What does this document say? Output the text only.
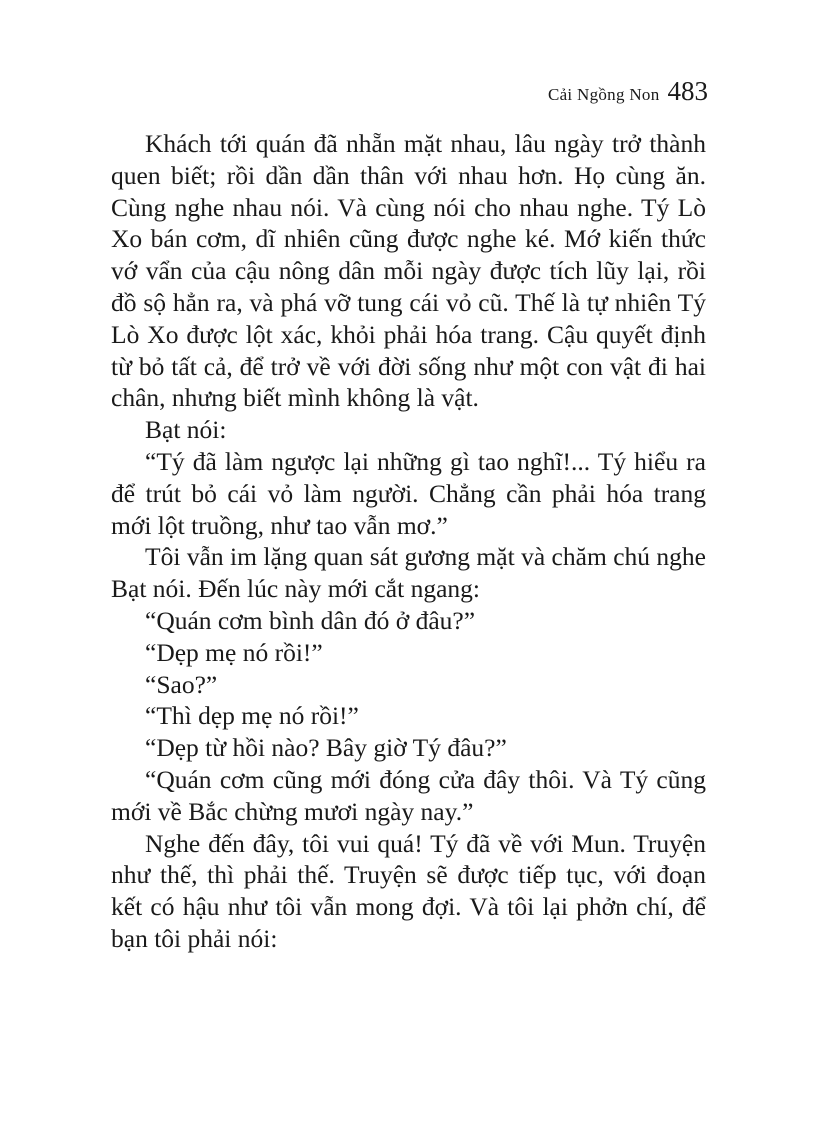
Cải Ngồng Non 483

Khách tới quán đã nhẵn mặt nhau, lâu ngày trở thành quen biết; rồi dần dần thân với nhau hơn. Họ cùng ăn. Cùng nghe nhau nói. Và cùng nói cho nhau nghe. Tý Lò Xo bán cơm, dĩ nhiên cũng được nghe ké. Mớ kiến thức vớ vẩn của cậu nông dân mỗi ngày được tích lũy lại, rồi đồ sộ hẳn ra, và phá vỡ tung cái vỏ cũ. Thế là tự nhiên Tý Lò Xo được lột xác, khỏi phải hóa trang. Cậu quyết định từ bỏ tất cả, để trở về với đời sống như một con vật đi hai chân, nhưng biết mình không là vật.

Bạt nói:

“Tý đã làm ngược lại những gì tao nghĩ!... Tý hiểu ra để trút bỏ cái vỏ làm người. Chẳng cần phải hóa trang mới lột truồng, như tao vẫn mơ.”

Tôi vẫn im lặng quan sát gương mặt và chăm chú nghe Bạt nói. Đến lúc này mới cắt ngang:

“Quán cơm bình dân đó ở đâu?”

“Dẹp mẹ nó rồi!”

“Sao?”

“Thì dẹp mẹ nó rồi!”

“Dẹp từ hồi nào? Bây giờ Tý đâu?”

“Quán cơm cũng mới đóng cửa đây thôi. Và Tý cũng mới về Bắc chừng mươi ngày nay.”

Nghe đến đây, tôi vui quá! Tý đã về với Mun. Truyện như thế, thì phải thế. Truyện sẽ được tiếp tục, với đoạn kết có hậu như tôi vẫn mong đợi. Và tôi lại phởn chí, để bạn tôi phải nói:
